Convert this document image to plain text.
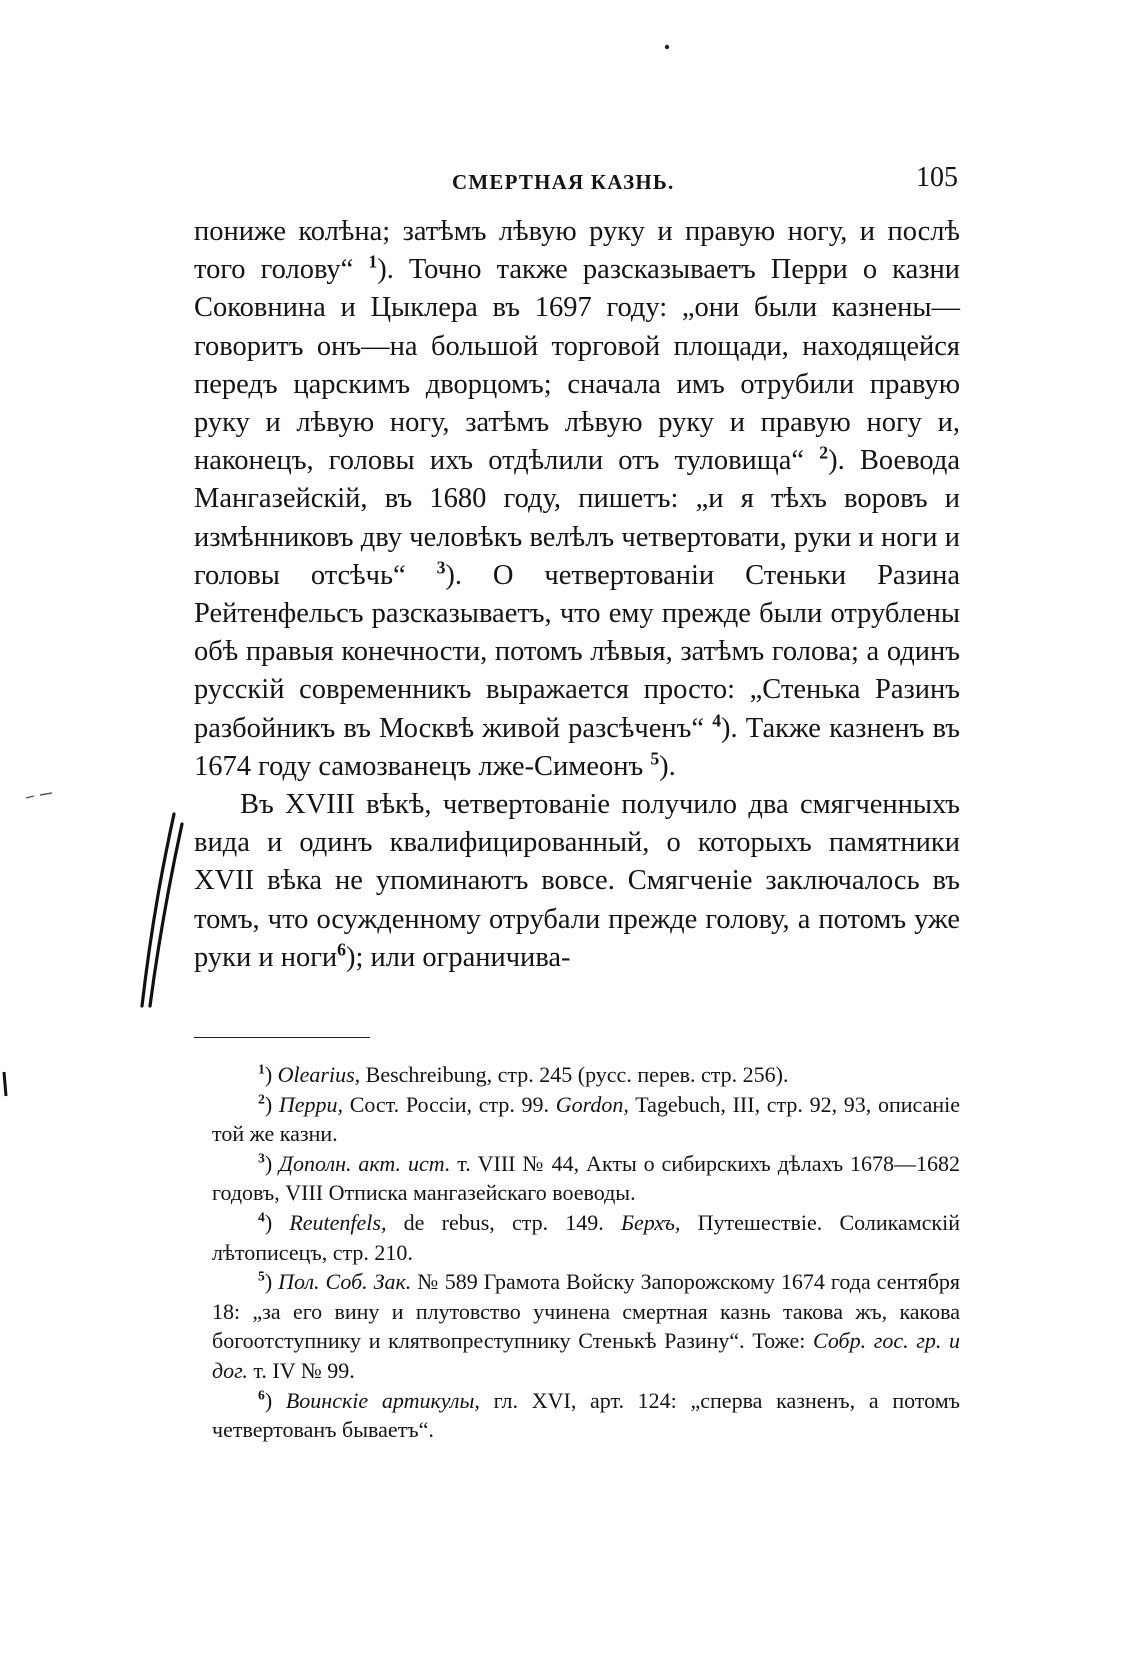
СМЕРТНАЯ КАЗНЬ.	105

пониже колѣна; затѣмъ лѣвую руку и правую ногу, и послѣ того голову“ $^1$). Точно также разсказываетъ Перри о казни Соковнина и Цыклера въ 1697 году: „они были казнены—говоритъ онъ—на большой торговой площади, находящейся передъ царскимъ дворцомъ; сначала имъ отрубили правую руку и лѣвую ногу, затѣмъ лѣвую руку и правую ногу и, наконецъ, головы ихъ отдѣлили отъ туловища“ $^2$). Воевода Мангазейскій, въ 1680 году, пишетъ: „и я тѣхъ воровъ и измѣнниковъ дву человѣкъ велѣлъ четвертовати, руки и ноги и головы отсѣчь“ $^3$). О четвертованіи Стеньки Разина Рейтенфельсъ разсказываетъ, что ему прежде были отрублены обѣ правыя конечности, потомъ лѣвыя, затѣмъ голова; а одинъ русскій современникъ выражается просто: „Стенька Разинъ разбойникъ въ Москвѣ живой разсѣченъ“ $^4$). Также казненъ въ 1674 году самозванецъ лже-Симеонъ $^5$).

Въ XVIII вѣкѣ, четвертованіе получило два смягченныхъ вида и одинъ квалифицированный, о которыхъ памятники XVII вѣка не упоминаютъ вовсе. Смягченіе заключалось въ томъ, что осужденному отрубали прежде голову, а потомъ уже руки и ноги$^6$); или ограничива-

$^1$) Olearius, Beschreibung, стр. 245 (русс. перев. стр. 256).

$^2$) Перри, Сост. Россіи, стр. 99. Gordon, Tagebuch, III, стр. 92, 93, описаніе той же казни.

$^3$) Дополн. акт. ист. т. VIII № 44, Акты о сибирскихъ дѣлахъ 1678—1682 годовъ, VIII Отписка мангазейскаго воеводы.

$^4$) Reutenfels, de rebus, стр. 149. Берхъ, Путешествіе. Соликамскій лѣтописецъ, стр. 210.

$^5$) Пол. Соб. Зак. № 589 Грамота Войску Запорожскому 1674 года сентября 18: „за его вину и плутовство учинена смертная казнь такова жъ, какова богоотступнику и клятвопреступнику Стенькѣ Разину“. Тоже: Собр. гос. гр. и дог. т. IV № 99.

$^6$) Воинскіе артикулы, гл. XVI, арт. 124: „сперва казненъ, а потомъ четвертованъ бываетъ“.
